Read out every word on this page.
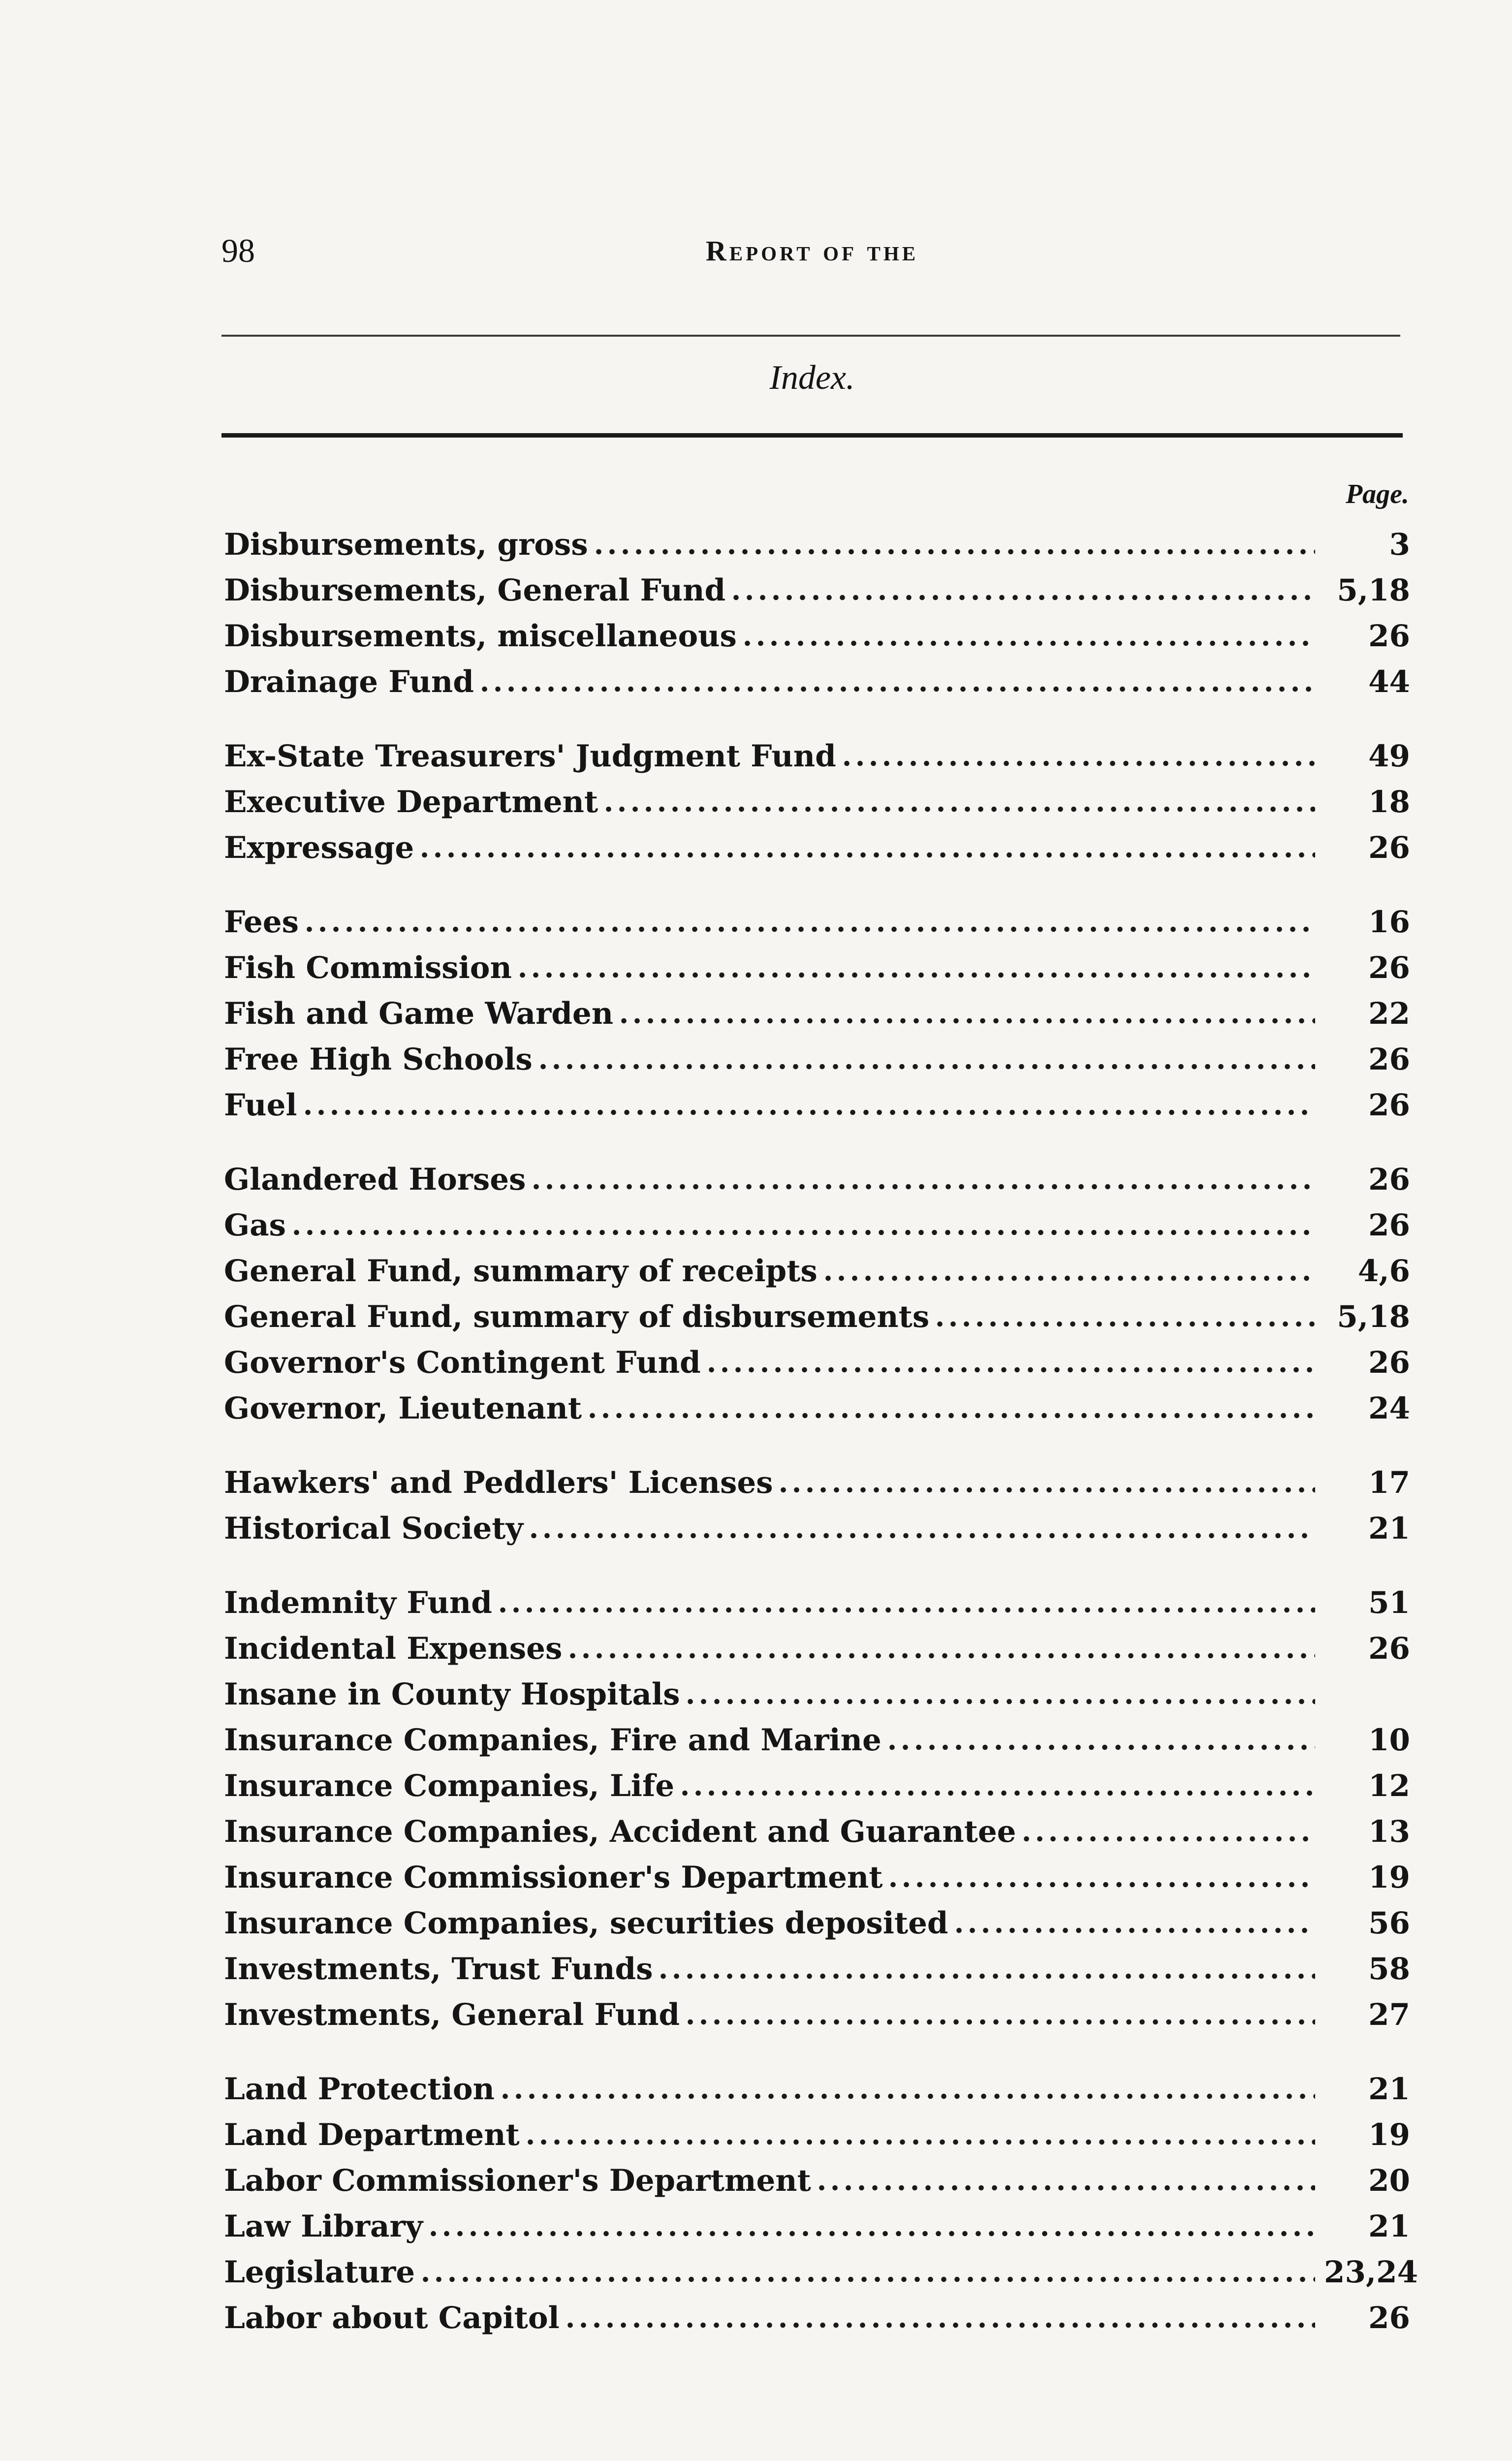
98	Report of the
Index.
Page.
Disbursements, gross	3
Disbursements, General Fund	5,18
Disbursements, miscellaneous	26
Drainage Fund	44
Ex-State Treasurers' Judgment Fund	49
Executive Department	18
Expressage	26
Fees	16
Fish Commission	26
Fish and Game Warden	22
Free High Schools	26
Fuel	26
Glandered Horses	26
Gas	26
General Fund, summary of receipts	4,6
General Fund, summary of disbursements	5,18
Governor's Contingent Fund	26
Governor, Lieutenant	24
Hawkers' and Peddlers' Licenses	17
Historical Society	21
Indemnity Fund	51
Incidental Expenses	26
Insane in County Hospitals
Insurance Companies, Fire and Marine	10
Insurance Companies, Life	12
Insurance Companies, Accident and Guarantee	13
Insurance Commissioner's Department	19
Insurance Companies, securities deposited	56
Investments, Trust Funds	58
Investments, General Fund	27
Land Protection	21
Land Department	19
Labor Commissioner's Department	20
Law Library	21
Legislature	23,24
Labor about Capitol	26
